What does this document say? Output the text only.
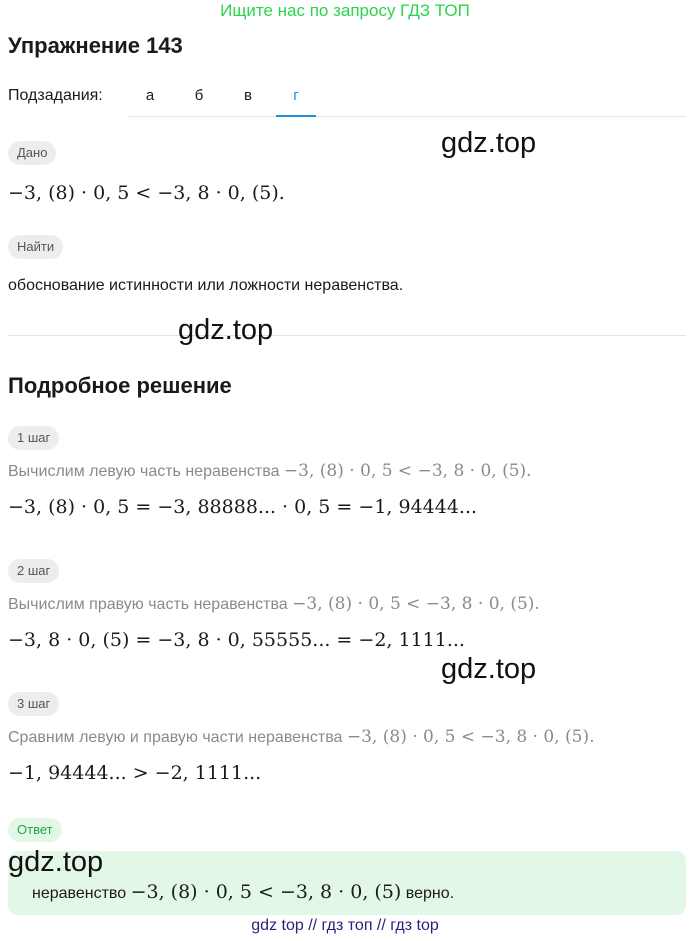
Ищите нас по запросу ГДЗ ТОП
Упражнение 143
Подзадания:	а	б	в	г
Дано
−3, (8) · 0, 5 < −3, 8 · 0, (5).
gdz.top
Найти
обоснование истинности или ложности неравенства.
gdz.top
Подробное решение
1 шаг
Вычислим левую часть неравенства −3, (8) · 0, 5 < −3, 8 · 0, (5).
−3, (8) · 0, 5 = −3, 88888... · 0, 5 = −1, 94444...
2 шаг
Вычислим правую часть неравенства −3, (8) · 0, 5 < −3, 8 · 0, (5).
−3, 8 · 0, (5) = −3, 8 · 0, 55555... = −2, 1111...
gdz.top
3 шаг
Сравним левую и правую части неравенства −3, (8) · 0, 5 < −3, 8 · 0, (5).
−1, 94444... > −2, 1111...
Ответ
gdz.top
неравенство −3, (8) · 0, 5 < −3, 8 · 0, (5) верно.
gdz top // гдз топ // гдз top
